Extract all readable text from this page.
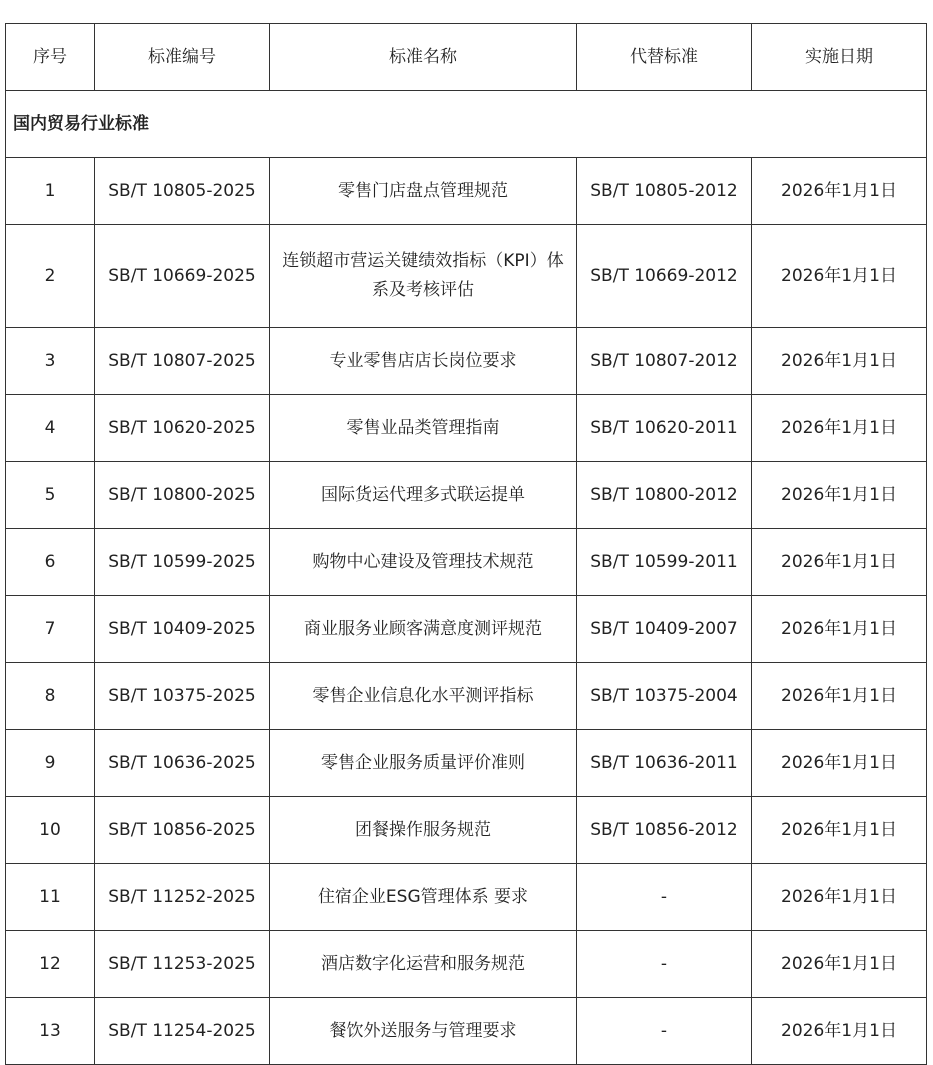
序号	标准编号	标准名称	代替标准	实施日期
国内贸易行业标准				
1	SB/T 10805-2025	零售门店盘点管理规范	SB/T 10805-2012	2026年1月1日
2	SB/T 10669-2025	连锁超市营运关键绩效指标（KPI）体系及考核评估	SB/T 10669-2012	2026年1月1日
3	SB/T 10807-2025	专业零售店店长岗位要求	SB/T 10807-2012	2026年1月1日
4	SB/T 10620-2025	零售业品类管理指南	SB/T 10620-2011	2026年1月1日
5	SB/T 10800-2025	国际货运代理多式联运提单	SB/T 10800-2012	2026年1月1日
6	SB/T 10599-2025	购物中心建设及管理技术规范	SB/T 10599-2011	2026年1月1日
7	SB/T 10409-2025	商业服务业顾客满意度测评规范	SB/T 10409-2007	2026年1月1日
8	SB/T 10375-2025	零售企业信息化水平测评指标	SB/T 10375-2004	2026年1月1日
9	SB/T 10636-2025	零售企业服务质量评价准则	SB/T 10636-2011	2026年1月1日
10	SB/T 10856-2025	团餐操作服务规范	SB/T 10856-2012	2026年1月1日
11	SB/T 11252-2025	住宿企业ESG管理体系 要求	-	2026年1月1日
12	SB/T 11253-2025	酒店数字化运营和服务规范	-	2026年1月1日
13	SB/T 11254-2025	餐饮外送服务与管理要求	-	2026年1月1日
